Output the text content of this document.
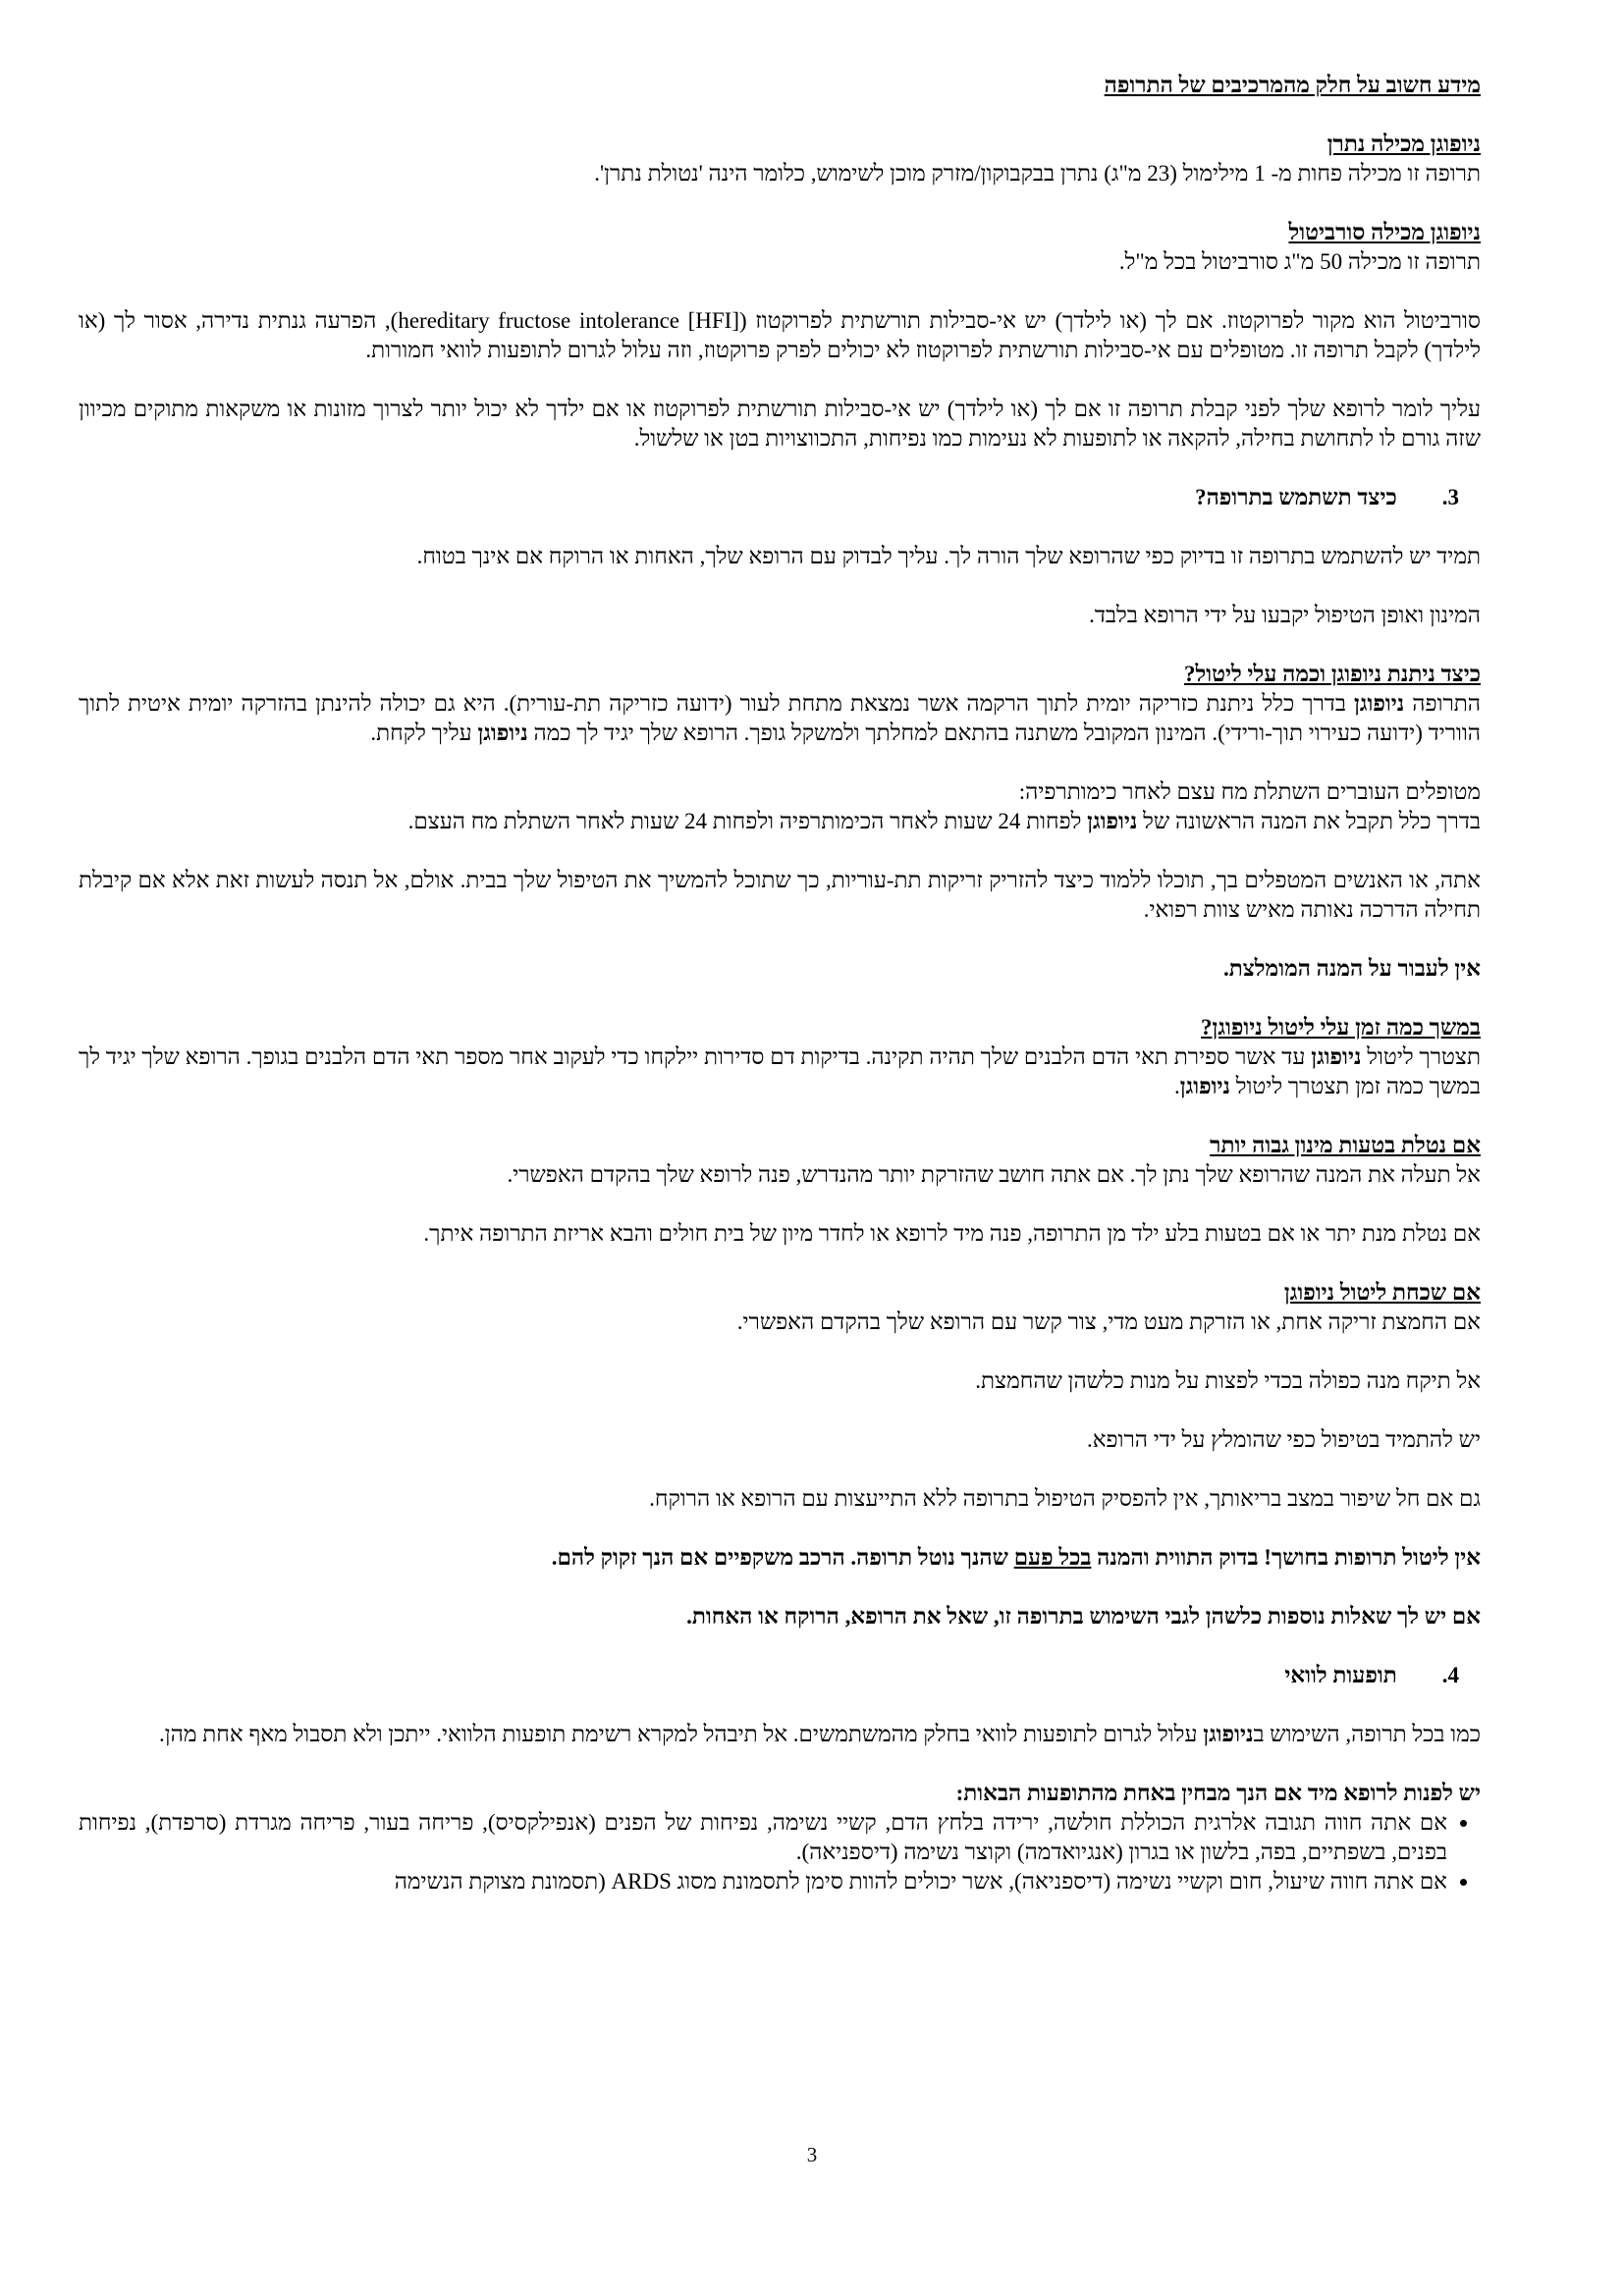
מידע חשוב על חלק מהמרכיבים של התרופה

ניופוגן מכילה נתרן

תרופה זו מכילה פחות מ- 1 מילימול (23 מ"ג) נתרן בבקבוקון/מזרק מוכן לשימוש, כלומר הינה 'נטולת נתרן'.

ניופוגן מכילה סורביטול

תרופה זו מכילה 50 מ"ג סורביטול בכל מ"ל.

סורביטול הוא מקור לפרוקטוז. אם לך (או לילדך) יש אי-סבילות תורשתית לפרוקטוז (hereditary fructose intolerance [HFI]), הפרעה גנתית נדירה, אסור לך (או לילדך) לקבל תרופה זו. מטופלים עם אי-סבילות תורשתית לפרוקטוז לא יכולים לפרק פרוקטוז, וזה עלול לגרום לתופעות לוואי חמורות.

עליך לומר לרופא שלך לפני קבלת תרופה זו אם לך (או לילדך) יש אי-סבילות תורשתית לפרוקטוז או אם ילדך לא יכול יותר לצרוך מזונות או משקאות מתוקים מכיוון שזה גורם לו לתחושת בחילה, להקאה או לתופעות לא נעימות כמו נפיחות, התכווצויות בטן או שלשול.

3.
כיצד תשתמש בתרופה?

תמיד יש להשתמש בתרופה זו בדיוק כפי שהרופא שלך הורה לך. עליך לבדוק עם הרופא שלך, האחות או הרוקח אם אינך בטוח.

המינון ואופן הטיפול יקבעו על ידי הרופא בלבד.

כיצד ניתנת ניופוגן וכמה עלי ליטול?

התרופה ניופוגן בדרך כלל ניתנת כזריקה יומית לתוך הרקמה אשר נמצאת מתחת לעור (ידועה כזריקה תת-עורית). היא גם יכולה להינתן בהזרקה יומית איטית לתוך הווריד (ידועה כעירוי תוך-ורידי). המינון המקובל משתנה בהתאם למחלתך ולמשקל גופך. הרופא שלך יגיד לך כמה ניופוגן עליך לקחת.

מטופלים העוברים השתלת מח עצם לאחר כימותרפיה:

בדרך כלל תקבל את המנה הראשונה של ניופוגן לפחות 24 שעות לאחר הכימותרפיה ולפחות 24 שעות לאחר השתלת מח העצם.

אתה, או האנשים המטפלים בך, תוכלו ללמוד כיצד להזריק זריקות תת-עוריות, כך שתוכל להמשיך את הטיפול שלך בבית. אולם, אל תנסה לעשות זאת אלא אם קיבלת תחילה הדרכה נאותה מאיש צוות רפואי.

אין לעבור על המנה המומלצת.

במשך כמה זמן עלי ליטול ניופוגן?

תצטרך ליטול ניופוגן עד אשר ספירת תאי הדם הלבנים שלך תהיה תקינה. בדיקות דם סדירות יילקחו כדי לעקוב אחר מספר תאי הדם הלבנים בגופך. הרופא שלך יגיד לך במשך כמה זמן תצטרך ליטול ניופוגן.

אם נטלת בטעות מינון גבוה יותר

אל תעלה את המנה שהרופא שלך נתן לך. אם אתה חושב שהזרקת יותר מהנדרש, פנה לרופא שלך בהקדם האפשרי.

אם נטלת מנת יתר או אם בטעות בלע ילד מן התרופה, פנה מיד לרופא או לחדר מיון של בית חולים והבא אריזת התרופה איתך.

אם שכחת ליטול ניופוגן

אם החמצת זריקה אחת, או הזרקת מעט מדי, צור קשר עם הרופא שלך בהקדם האפשרי.

אל תיקח מנה כפולה בכדי לפצות על מנות כלשהן שהחמצת.

יש להתמיד בטיפול כפי שהומלץ על ידי הרופא.

גם אם חל שיפור במצב בריאותך, אין להפסיק הטיפול בתרופה ללא התייעצות עם הרופא או הרוקח.

אין ליטול תרופות בחושך! בדוק התווית והמנה בכל פעם שהנך נוטל תרופה. הרכב משקפיים אם הנך זקוק להם.

אם יש לך שאלות נוספות כלשהן לגבי השימוש בתרופה זו, שאל את הרופא, הרוקח או האחות.

4.
תופעות לוואי

כמו בכל תרופה, השימוש בניופוגן עלול לגרום לתופעות לוואי בחלק מהמשתמשים. אל תיבהל למקרא רשימת תופעות הלוואי. ייתכן ולא תסבול מאף אחת מהן.

יש לפנות לרופא מיד אם הנך מבחין באחת מהתופעות הבאות:

• אם אתה חווה תגובה אלרגית הכוללת חולשה, ירידה בלחץ הדם, קשיי נשימה, נפיחות של הפנים (אנפילקסיס), פריחה בעור, פריחה מגרדת (סרפדת), נפיחות בפנים, בשפתיים, בפה, בלשון או בגרון (אנגיואדמה) וקוצר נשימה (דיספניאה).
• אם אתה חווה שיעול, חום וקשיי נשימה (דיספניאה), אשר יכולים להוות סימן לתסמונת מסוג ARDS (תסמונת מצוקת הנשימה
3
